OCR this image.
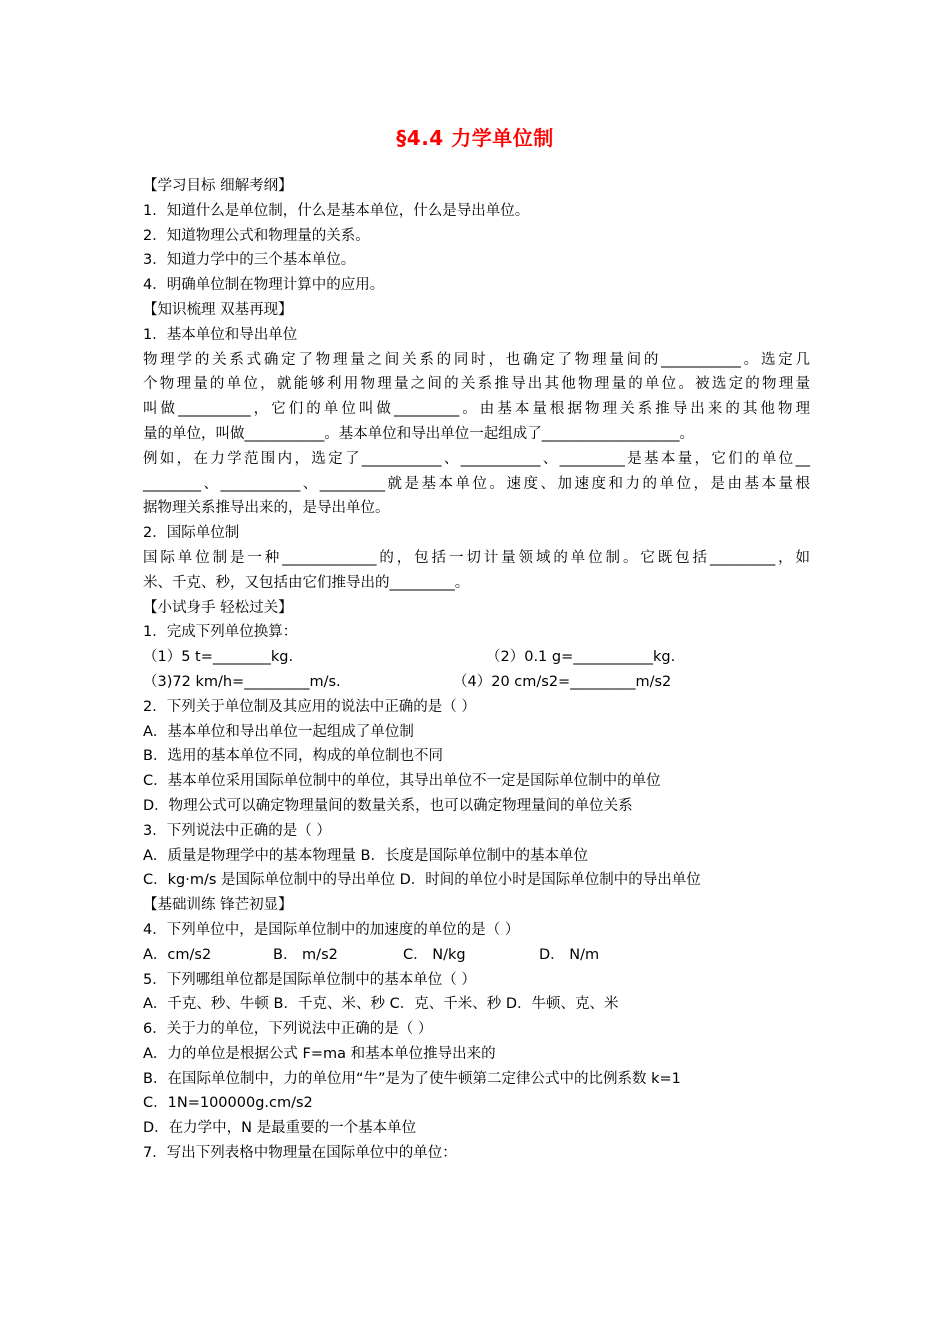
§4.4 力学单位制
【学习目标 细解考纲】
1．知道什么是单位制，什么是基本单位，什么是导出单位。
2．知道物理公式和物理量的关系。
3．知道力学中的三个基本单位。
4．明确单位制在物理计算中的应用。
【知识梳理 双基再现】
1．基本单位和导出单位
物理学的关系式确定了物理量之间关系的同时，也确定了物理量间的___________。选定几
个物理量的单位，就能够利用物理量之间的关系推导出其他物理量的单位。被选定的物理量
叫做__________，它们的单位叫做_________。由基本量根据物理关系推导出来的其他物理
量的单位，叫做___________。基本单位和导出单位一起组成了___________________。
例如，在力学范围内，选定了___________、___________、_________是基本量，它们的单位__
________、___________、_________就是基本单位。速度、加速度和力的单位，是由基本量根
据物理关系推导出来的，是导出单位。
2．国际单位制
国际单位制是一种_____________的，包括一切计量领域的单位制。它既包括_________，如
米、千克、秒，又包括由它们推导出的_________。
【小试身手 轻松过关】
1．完成下列单位换算：
（1）5 t=________kg.	（2）0.1 g=___________kg.
（3)72 km/h=_________m/s.	（4）20 cm/s2=_________m/s2
2．下列关于单位制及其应用的说法中正确的是（ ）
A．基本单位和导出单位一起组成了单位制
B．选用的基本单位不同，构成的单位制也不同
C．基本单位采用国际单位制中的单位，其导出单位不一定是国际单位制中的单位
D．物理公式可以确定物理量间的数量关系，也可以确定物理量间的单位关系
3．下列说法中正确的是（ ）
A．质量是物理学中的基本物理量 B．长度是国际单位制中的基本单位
C．kg·m/s 是国际单位制中的导出单位 D．时间的单位小时是国际单位制中的导出单位
【基础训练 锋芒初显】
4．下列单位中，是国际单位制中的加速度的单位的是（ ）
A．cm/s2	B． m/s2	C． N/kg	D． N/m
5．下列哪组单位都是国际单位制中的基本单位（ ）
A．千克、秒、牛顿 B．千克、米、秒 C．克、千米、秒 D．牛顿、克、米
6．关于力的单位，下列说法中正确的是（ ）
A．力的单位是根据公式 F=ma 和基本单位推导出来的
B．在国际单位制中，力的单位用“牛”是为了使牛顿第二定律公式中的比例系数 k=1
C．1N=100000g.cm/s2
D．在力学中，N 是最重要的一个基本单位
7．写出下列表格中物理量在国际单位中的单位：
